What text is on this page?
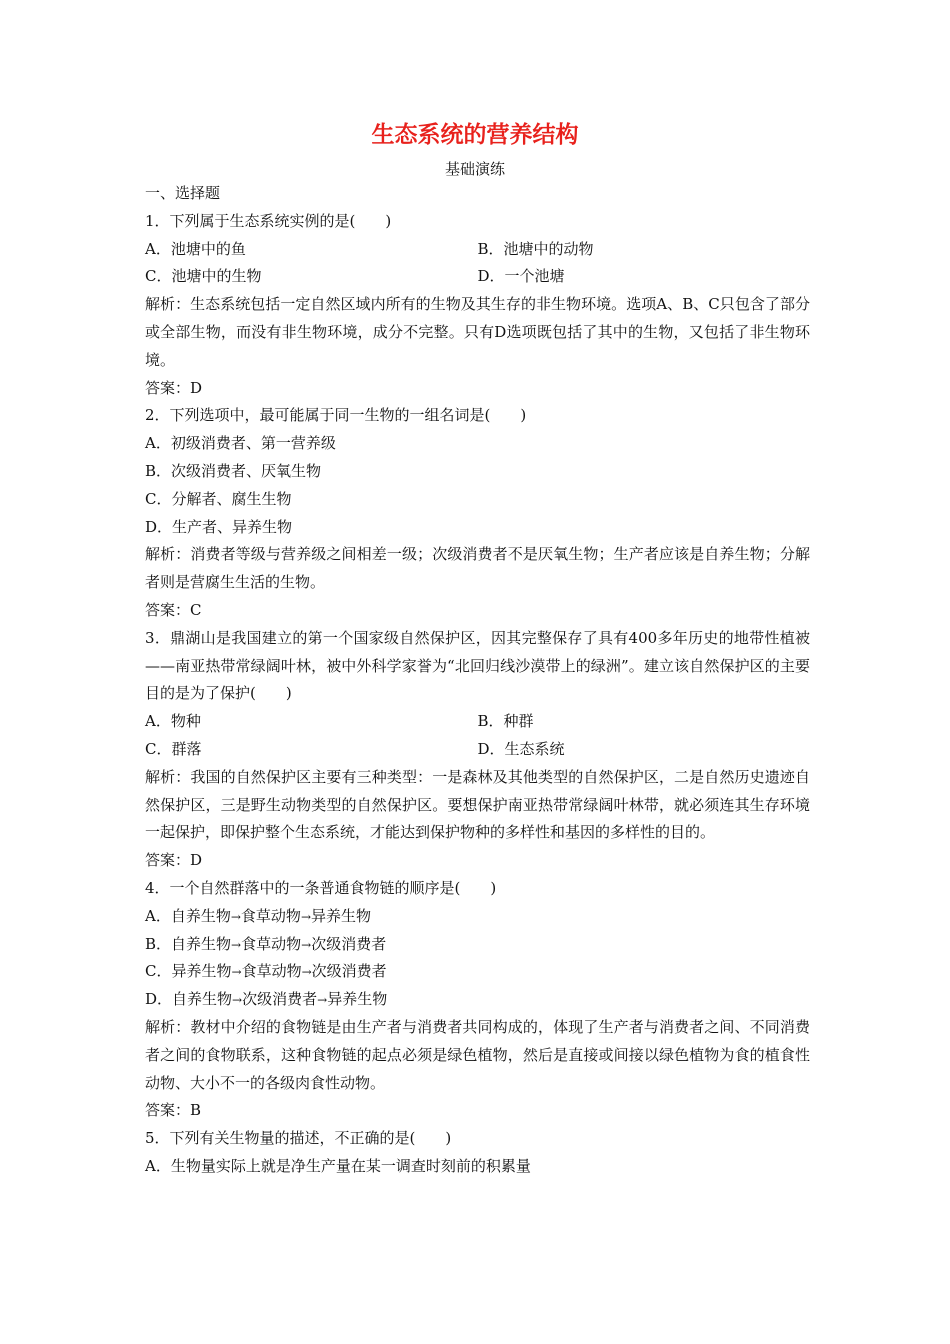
生态系统的营养结构
基础演练
一、选择题
1．下列属于生态系统实例的是(　　)
A．池塘中的鱼	B．池塘中的动物
C．池塘中的生物	D．一个池塘
解析：生态系统包括一定自然区域内所有的生物及其生存的非生物环境。选项A、B、C只包含了部分或全部生物，而没有非生物环境，成分不完整。只有D选项既包括了其中的生物，又包括了非生物环境。
答案：D
2．下列选项中，最可能属于同一生物的一组名词是(　　)
A．初级消费者、第一营养级
B．次级消费者、厌氧生物
C．分解者、腐生生物
D．生产者、异养生物
解析：消费者等级与营养级之间相差一级；次级消费者不是厌氧生物；生产者应该是自养生物；分解者则是营腐生生活的生物。
答案：C
3．鼎湖山是我国建立的第一个国家级自然保护区，因其完整保存了具有400多年历史的地带性植被——南亚热带常绿阔叶林，被中外科学家誉为“北回归线沙漠带上的绿洲”。建立该自然保护区的主要目的是为了保护(　　)
A．物种	B．种群
C．群落	D．生态系统
解析：我国的自然保护区主要有三种类型：一是森林及其他类型的自然保护区，二是自然历史遗迹自然保护区，三是野生动物类型的自然保护区。要想保护南亚热带常绿阔叶林带，就必须连其生存环境一起保护，即保护整个生态系统，才能达到保护物种的多样性和基因的多样性的目的。
答案：D
4．一个自然群落中的一条普通食物链的顺序是(　　)
A．自养生物→食草动物→异养生物
B．自养生物→食草动物→次级消费者
C．异养生物→食草动物→次级消费者
D．自养生物→次级消费者→异养生物
解析：教材中介绍的食物链是由生产者与消费者共同构成的，体现了生产者与消费者之间、不同消费者之间的食物联系，这种食物链的起点必须是绿色植物，然后是直接或间接以绿色植物为食的植食性动物、大小不一的各级肉食性动物。
答案：B
5．下列有关生物量的描述，不正确的是(　　)
A．生物量实际上就是净生产量在某一调查时刻前的积累量
